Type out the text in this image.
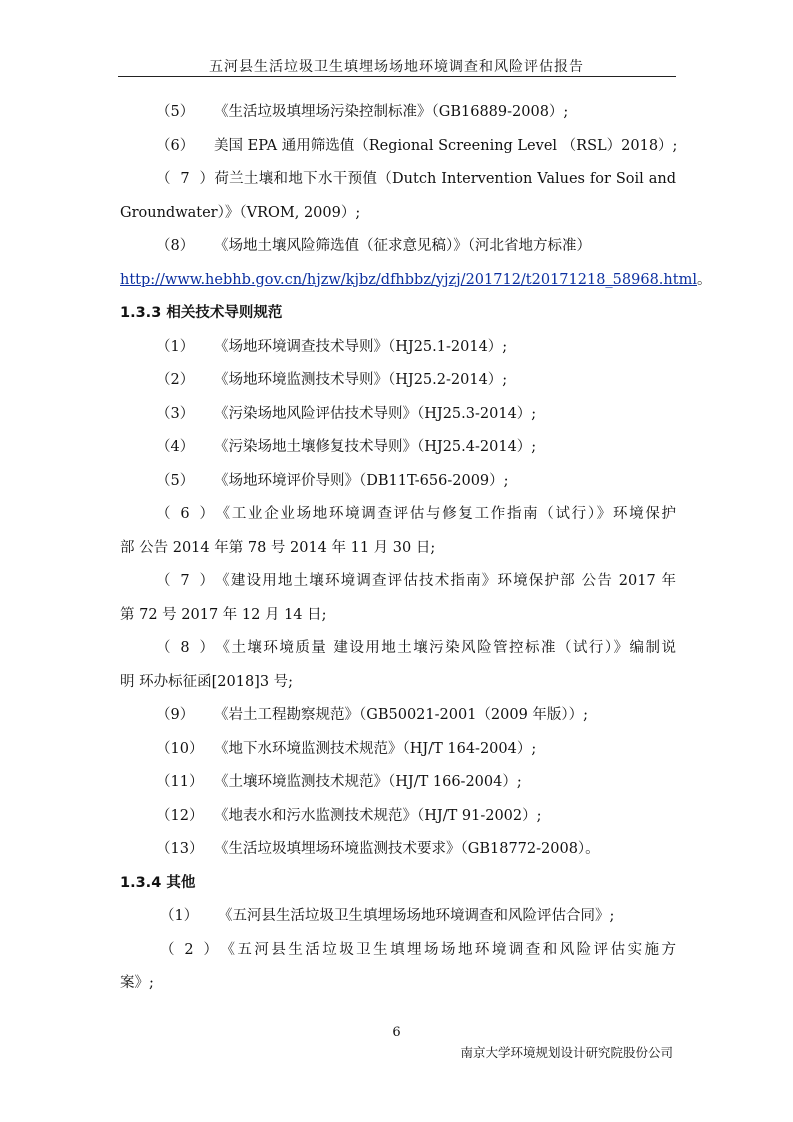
五河县生活垃圾卫生填埋场场地环境调查和风险评估报告
（5） 《生活垃圾填埋场污染控制标准》（GB16889-2008）;
（6） 美国 EPA 通用筛选值（Regional Screening Level （RSL）2018）;
（7）荷兰土壤和地下水干预值（Dutch Intervention Values for Soil and
Groundwater）》（VROM, 2009）;
（8） 《场地土壤风险筛选值（征求意见稿）》（河北省地方标准）
http://www.hebhb.gov.cn/hjzw/kjbz/dfhbbz/yjzj/201712/t20171218_58968.html。
1.3.3 相关技术导则规范
（1） 《场地环境调查技术导则》（HJ25.1-2014）;
（2） 《场地环境监测技术导则》（HJ25.2-2014）;
（3） 《污染场地风险评估技术导则》（HJ25.3-2014）;
（4） 《污染场地土壤修复技术导则》（HJ25.4-2014）;
（5） 《场地环境评价导则》（DB11T-656-2009）;
（6）《工业企业场地环境调查评估与修复工作指南（试行）》环境保护
部 公告 2014 年第 78 号 2014 年 11 月 30 日;
（7）《建设用地土壤环境调查评估技术指南》环境保护部 公告 2017 年
第 72 号 2017 年 12 月 14 日;
（8）《土壤环境质量 建设用地土壤污染风险管控标准（试行）》编制说
明 环办标征函[2018]3 号;
（9） 《岩土工程勘察规范》（GB50021-2001（2009 年版））;
（10） 《地下水环境监测技术规范》（HJ/T 164-2004）;
（11） 《土壤环境监测技术规范》（HJ/T 166-2004）;
（12） 《地表水和污水监测技术规范》（HJ/T 91-2002）;
（13） 《生活垃圾填埋场环境监测技术要求》（GB18772-2008）。
1.3.4 其他
（1） 《五河县生活垃圾卫生填埋场场地环境调查和风险评估合同》;
（2）《五河县生活垃圾卫生填埋场场地环境调查和风险评估实施方
案》;
6
南京大学环境规划设计研究院股份公司
